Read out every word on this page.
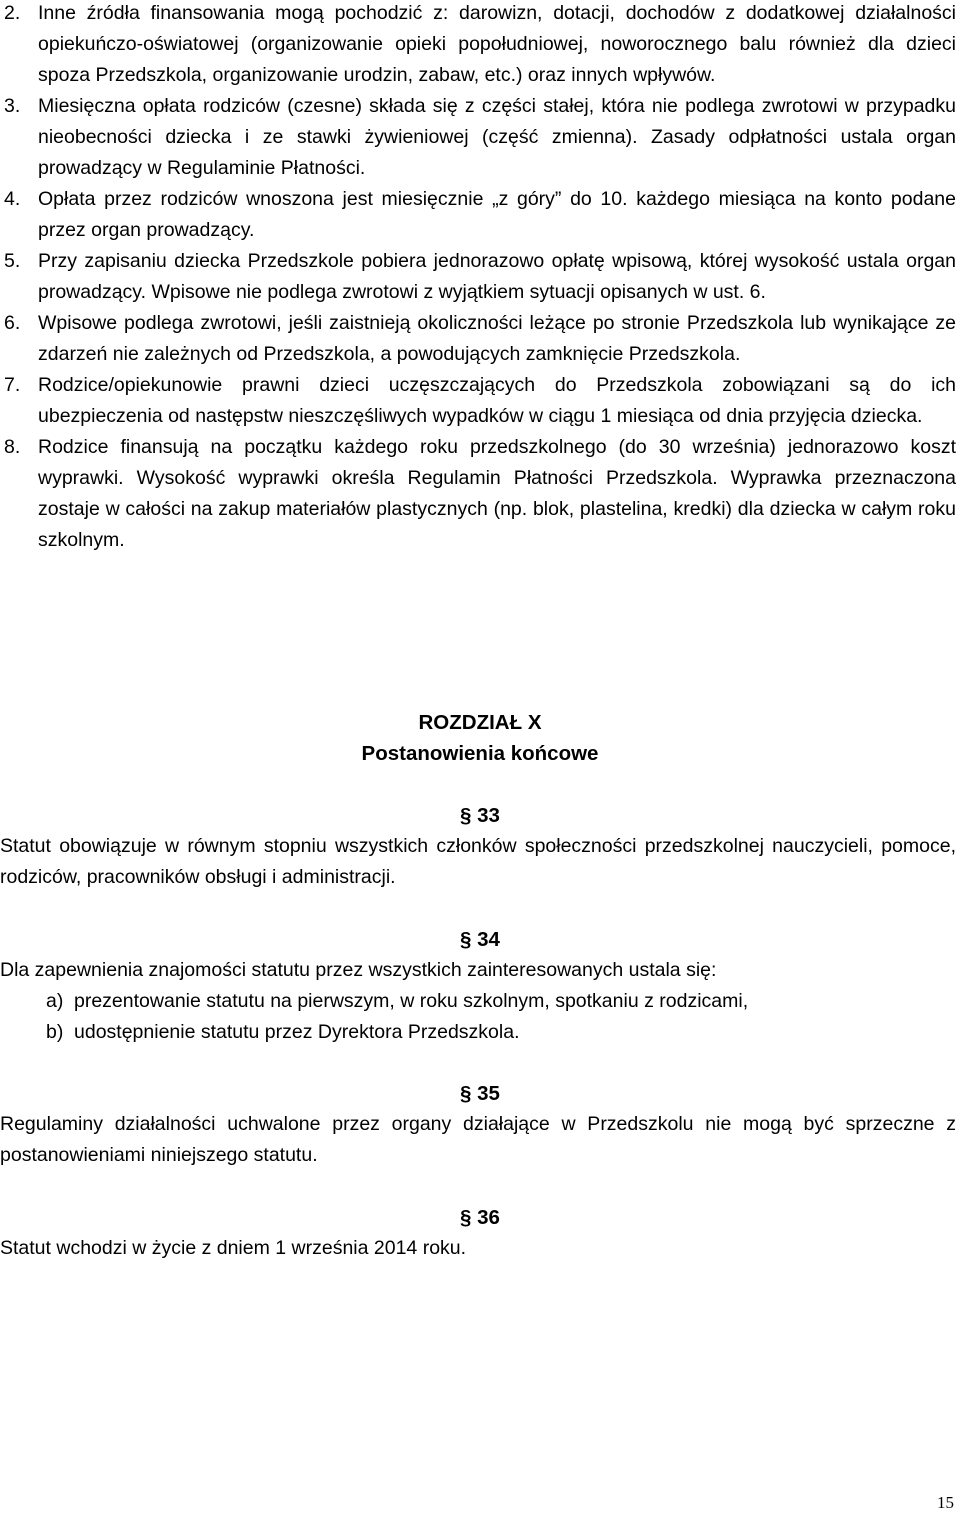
2. Inne źródła finansowania mogą pochodzić z: darowizn, dotacji, dochodów z dodatkowej działalności opiekuńczo-oświatowej (organizowanie opieki popołudniowej, noworocznego balu również dla dzieci spoza Przedszkola, organizowanie urodzin, zabaw, etc.) oraz innych wpływów.
3. Miesięczna opłata rodziców (czesne) składa się z części stałej, która nie podlega zwrotowi w przypadku nieobecności dziecka i ze stawki żywieniowej (część zmienna). Zasady odpłatności ustala organ prowadzący w Regulaminie Płatności.
4. Opłata przez rodziców wnoszona jest miesięcznie „z góry” do 10. każdego miesiąca na konto podane przez organ prowadzący.
5. Przy zapisaniu dziecka Przedszkole pobiera jednorazowo opłatę wpisową, której wysokość ustala organ prowadzący. Wpisowe nie podlega zwrotowi z wyjątkiem sytuacji opisanych w ust. 6.
6. Wpisowe podlega zwrotowi, jeśli zaistnieją okoliczności leżące po stronie Przedszkola lub wynikające ze zdarzeń nie zależnych od Przedszkola, a powodujących zamknięcie Przedszkola.
7. Rodzice/opiekunowie prawni dzieci uczęszczających do Przedszkola zobowiązani są do ich ubezpieczenia od następstw nieszczęśliwych wypadków w ciągu 1 miesiąca od dnia przyjęcia dziecka.
8. Rodzice finansują na początku każdego roku przedszkolnego (do 30 września) jednorazowo koszt wyprawki. Wysokość wyprawki określa Regulamin Płatności Przedszkola. Wyprawka przeznaczona zostaje w całości na zakup materiałów plastycznych (np. blok, plastelina, kredki) dla dziecka w całym roku szkolnym.
ROZDZIAŁ X
Postanowienia końcowe
§ 33
Statut obowiązuje w równym stopniu wszystkich członków społeczności przedszkolnej nauczycieli, pomoce, rodziców, pracowników obsługi i administracji.
§ 34
Dla zapewnienia znajomości statutu przez wszystkich zainteresowanych ustala się:
a) prezentowanie statutu na pierwszym, w roku szkolnym, spotkaniu z rodzicami,
b) udostępnienie statutu przez Dyrektora Przedszkola.
§ 35
Regulaminy działalności uchwalone przez organy działające w Przedszkolu nie mogą być sprzeczne z postanowieniami niniejszego statutu.
§ 36
Statut wchodzi w życie z dniem 1 września 2014 roku.
15
